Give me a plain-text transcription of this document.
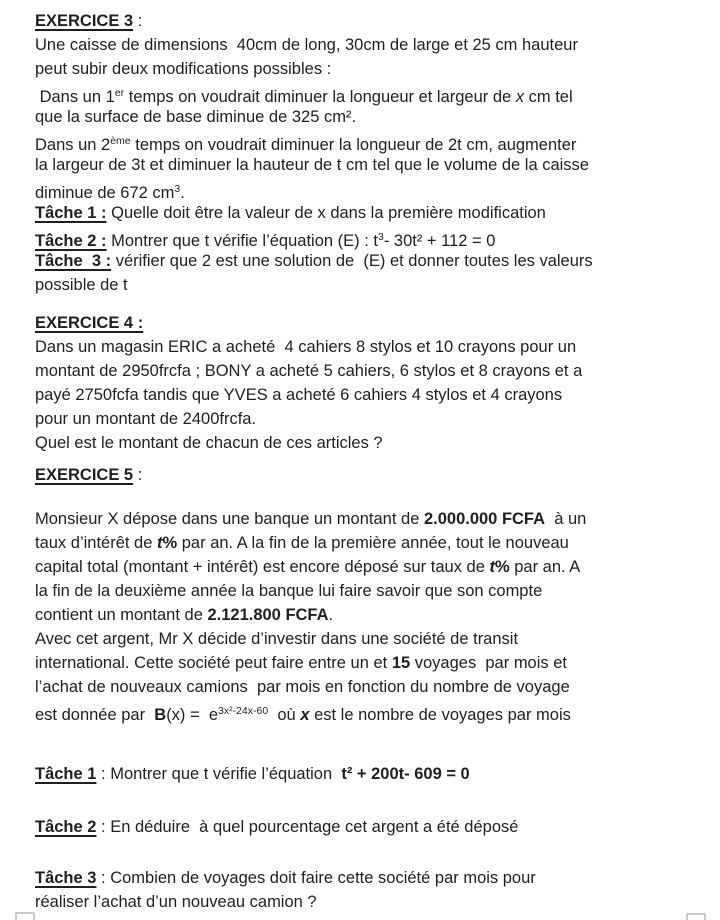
EXERCICE 3 :
Une caisse de dimensions  40cm de long, 30cm de large et 25 cm hauteur
peut subir deux modifications possibles :
Dans un 1er temps on voudrait diminuer la longueur et largeur de x cm tel
que la surface de base diminue de 325 cm².
Dans un 2ème temps on voudrait diminuer la longueur de 2t cm, augmenter
la largeur de 3t et diminuer la hauteur de t cm tel que le volume de la caisse
diminue de 672 $cm^3$.
Tâche 1 : Quelle doit être la valeur de x dans la première modification
Tâche 2 : Montrer que t vérifie l’équation (E) : $t^3-$ 30t² + 112 = 0
Tâche  3 : vérifier que 2 est une solution de  (E) et donner toutes les valeurs
possible de t
EXERCICE 4 :
Dans un magasin ERIC a acheté  4 cahiers 8 stylos et 10 crayons pour un
montant de 2950frcfa ; BONY a acheté 5 cahiers, 6 stylos et 8 crayons et a
payé 2750fcfa tandis que YVES a acheté 6 cahiers 4 stylos et 4 crayons
pour un montant de 2400frcfa.
Quel est le montant de chacun de ces articles ?
EXERCICE 5 :
Monsieur X dépose dans une banque un montant de 2.000.000 FCFA  à un
taux d’intérêt de t% par an. A la fin de la première année, tout le nouveau
capital total (montant + intérêt) est encore déposé sur taux de t% par an. A
la fin de la deuxième année la banque lui faire savoir que son compte
contient un montant de 2.121.800 FCFA.
Avec cet argent, Mr X décide d’investir dans une société de transit
international. Cette société peut faire entre un et 15 voyages  par mois et
l’achat de nouveaux camions  par mois en fonction du nombre de voyage
est donnée par  $B(x) = e^{3x^2-24x-60}$  où x est le nombre de voyages par mois
Tâche 1 : Montrer que t vérifie l’équation  t² + 200t- 609 = 0
Tâche 2 : En déduire  à quel pourcentage cet argent a été déposé
Tâche 3 : Combien de voyages doit faire cette société par mois pour
réaliser l’achat d’un nouveau camion ?
